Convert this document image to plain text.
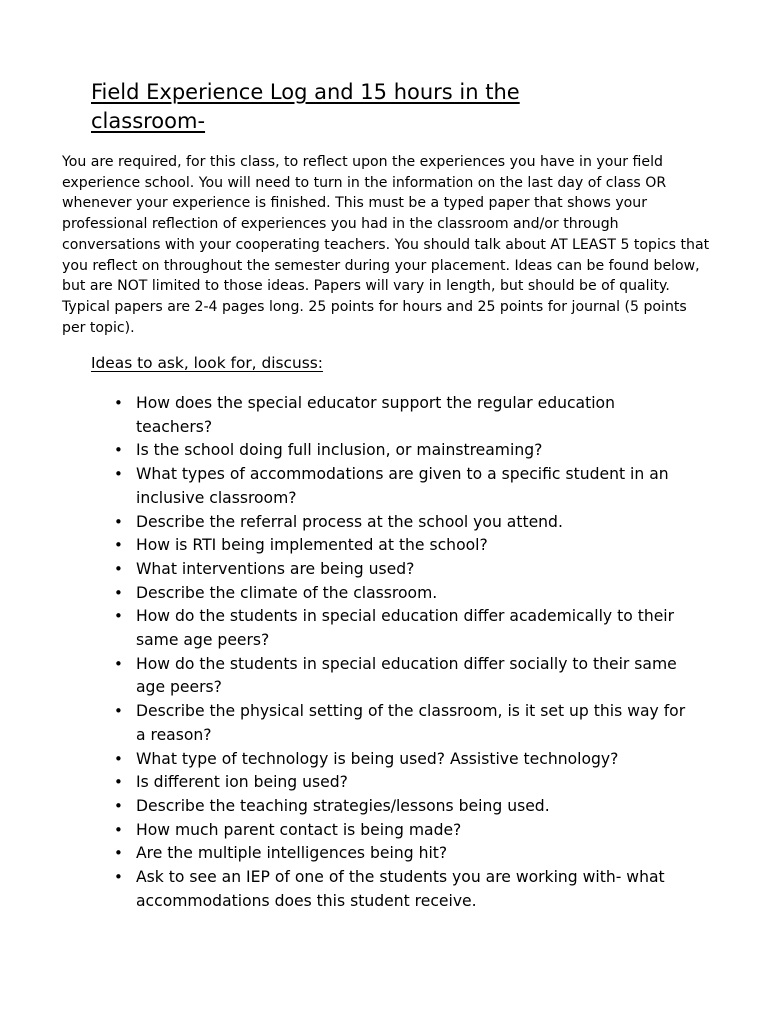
Field Experience Log and 15 hours in the classroom-

You are required, for this class, to reflect upon the experiences you have in your field experience school. You will need to turn in the information on the last day of class OR whenever your experience is finished. This must be a typed paper that shows your professional reflection of experiences you had in the classroom and/or through conversations with your cooperating teachers. You should talk about AT LEAST 5 topics that you reflect on throughout the semester during your placement. Ideas can be found below, but are NOT limited to those ideas. Papers will vary in length, but should be of quality. Typical papers are 2-4 pages long. 25 points for hours and 25 points for journal (5 points per topic).

Ideas to ask, look for, discuss:

• How does the special educator support the regular education teachers?
• Is the school doing full inclusion, or mainstreaming?
• What types of accommodations are given to a specific student in an inclusive classroom?
• Describe the referral process at the school you attend.
• How is RTI being implemented at the school?
• What interventions are being used?
• Describe the climate of the classroom.
• How do the students in special education differ academically to their same age peers?
• How do the students in special education differ socially to their same age peers?
• Describe the physical setting of the classroom, is it set up this way for a reason?
• What type of technology is being used? Assistive technology?
• Is different ion being used?
• Describe the teaching strategies/lessons being used.
• How much parent contact is being made?
• Are the multiple intelligences being hit?
• Ask to see an IEP of one of the students you are working with- what accommodations does this student receive.
